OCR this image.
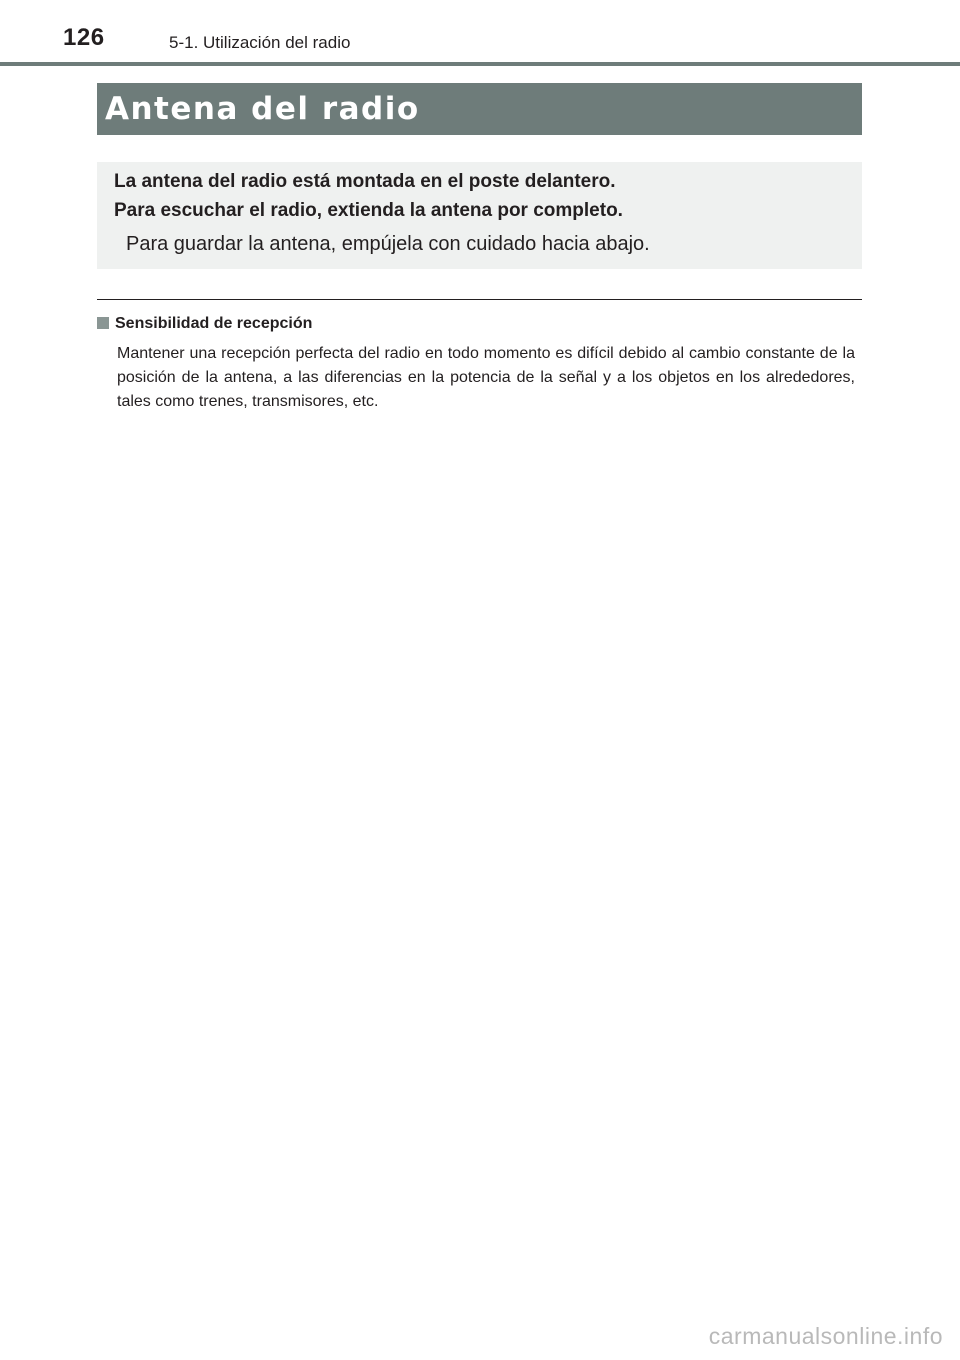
126	5-1. Utilización del radio
Antena del radio
La antena del radio está montada en el poste delantero.
Para escuchar el radio, extienda la antena por completo.
Para guardar la antena, empújela con cuidado hacia abajo.
Sensibilidad de recepción
Mantener una recepción perfecta del radio en todo momento es difícil debido al cambio constante de la posición de la antena, a las diferencias en la potencia de la señal y a los objetos en los alrededores, tales como trenes, transmisores, etc.
carmanualsonline.info
